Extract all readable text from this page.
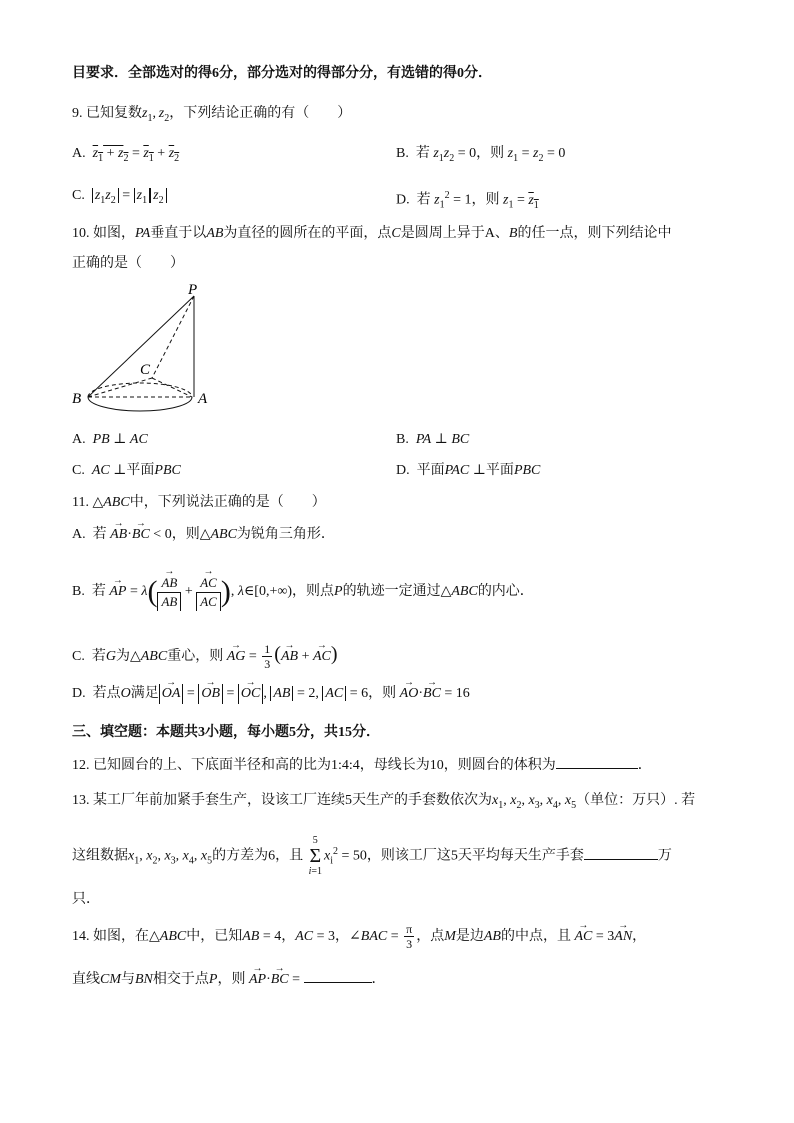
目要求．全部选对的得6分，部分选对的得部分分，有选错的得0分．
9. 已知复数$z_1$, $z_2$，下列结论正确的有（　　）
A.  $z_1 + z_2 = z_1 + z_2$	B.  若 $z_1z_2 = 0$，则 $z_1 = z_2 = 0$
C.  $z_1z_2 = z_1$ $z_2$	D.  若 $z_1^2 = 1$，则 $z_1 = z_1$
10. 如图，PA垂直于以AB为直径的圆所在的平面，点C是圆周上异于A、B的任一点，则下列结论中
正确的是（　　）
P
C
B	A
A.  PB ⊥ AC	B.  PA ⊥ BC
C.  AC ⊥平面PBC	D.  平面PAC ⊥平面PBC
11. △ABC中，下列说法正确的是（　　）
A.  若 → AB·→ BC < 0，则△ABC为锐角三角形．
B.  若 → AP = $\lambda( \to \frac{AB}{AB}$ + → $\frac{AC}{AC}$ ), λ∈[0,+∞)，则点P的轨迹一定通过△ABC的内心．
C.  若G为△ABC重心，则 → AG = $\frac{1}{3}$ (→ AB + → AC)
D.  若点O满足 → OA = → OB = → OC , AB = 2, AC = 6，则 → AO·→ BC = 16
三、填空题：本题共3小题，每小题5分，共15分．
12. 已知圆台的上、下底面半径和高的比为1:4:4，母线长为10，则圆台的体积为	．
13. 某工厂年前加紧手套生产，设该工厂连续5天生产的手套数依次为$x_1$, $x_2$, $x_3$, $x_4$, $x_5$（单位：万只）. 若
这组数据$x_1$, $x_2$, $x_3$, $x_4$, $x_5$的方差为6，且 5
Σ
$i=1x_i^2 = 50$，则该工厂这5天平均每天生产手套	万
只．
14. 如图，在△ABC中，已知AB = 4，AC = 3，∠BAC = $\frac{\pi}{3}$ ，点M是边AB的中点，且 → AC = 3→ AN，
直线CM与BN相交于点P，则 → AP·→ BC =	．
